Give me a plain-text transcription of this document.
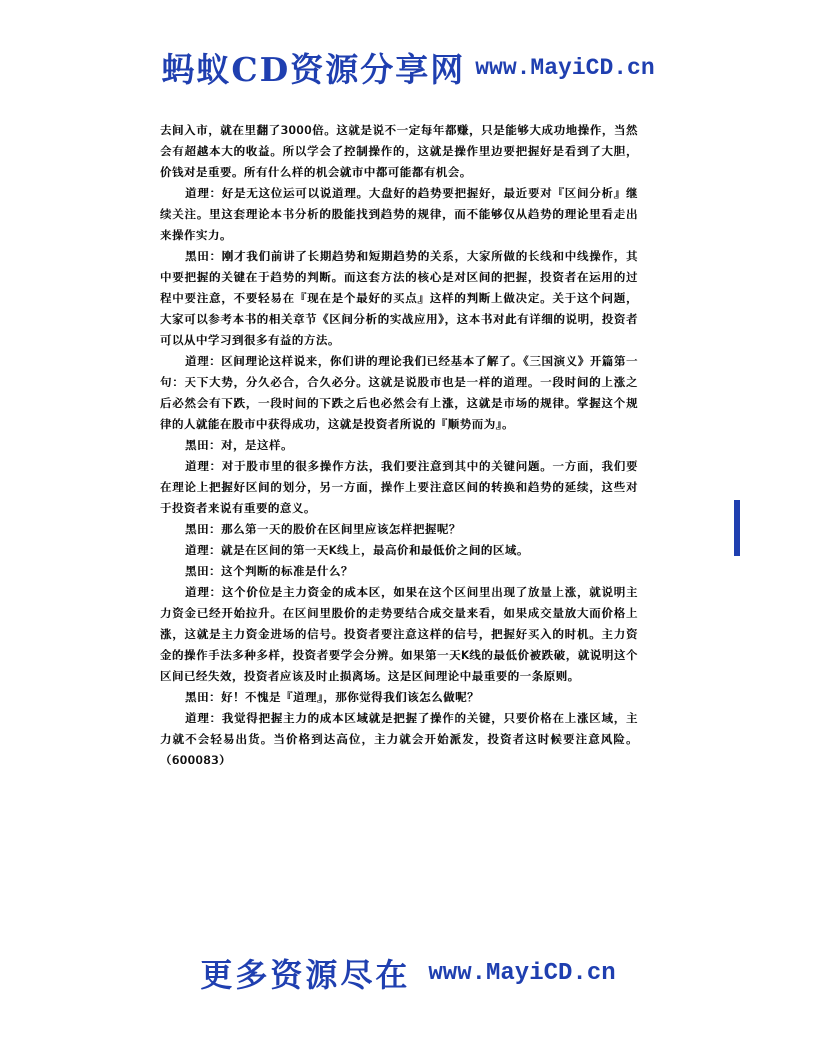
蚂蚁CD资源分享网 www.MayiCD.cn

去间入市，就在里翻了3000倍。这就是说不一定每年都赚，只是能够大成功地操作，当然会有超越本大的收益。所以学会了控制操作的，这就是操作里边要把握好是看到了大胆，价钱对是重要。所有什么样的机会就市中都可能都有机会。

道理：好是无这位运可以说道理。大盘好的趋势要把握好，最近要对『区间分析』继续关注。里这套理论本书分析的股能找到趋势的规律，而不能够仅从趋势的理论里看走出来操作实力。

黑田：刚才我们前讲了长期趋势和短期趋势的关系，大家所做的长线和中线操作，其中要把握的关键在于趋势的判断。而这套方法的核心是对区间的把握，投资者在运用的过程中要注意，不要轻易在『现在是个最好的买点』这样的判断上做决定。关于这个问题，大家可以参考本书的相关章节《区间分析的实战应用》，这本书对此有详细的说明，投资者可以从中学习到很多有益的方法。

道理：区间理论这样说来，你们讲的理论我们已经基本了解了。《三国演义》开篇第一句：天下大势，分久必合，合久必分。这就是说股市也是一样的道理。一段时间的上涨之后必然会有下跌，一段时间的下跌之后也必然会有上涨，这就是市场的规律。掌握这个规律的人就能在股市中获得成功，这就是投资者所说的『顺势而为』。

黑田：对，是这样。

道理：对于股市里的很多操作方法，我们要注意到其中的关键问题。一方面，我们要在理论上把握好区间的划分，另一方面，操作上要注意区间的转换和趋势的延续，这些对于投资者来说有重要的意义。

黑田：那么第一天的股价在区间里应该怎样把握呢？

道理：就是在区间的第一天K线上，最高价和最低价之间的区域。

黑田：这个判断的标准是什么？

道理：这个价位是主力资金的成本区，如果在这个区间里出现了放量上涨，就说明主力资金已经开始拉升。在区间里股价的走势要结合成交量来看，如果成交量放大而价格上涨，这就是主力资金进场的信号。投资者要注意这样的信号，把握好买入的时机。主力资金的操作手法多种多样，投资者要学会分辨。如果第一天K线的最低价被跌破，就说明这个区间已经失效，投资者应该及时止损离场。这是区间理论中最重要的一条原则。

黑田：好！不愧是『道理』，那你觉得我们该怎么做呢？

道理：我觉得把握主力的成本区域就是把握了操作的关键，只要价格在上涨区域，主力就不会轻易出货。当价格到达高位，主力就会开始派发，投资者这时候要注意风险。（600083）

更多资源尽在 www.MayiCD.cn
